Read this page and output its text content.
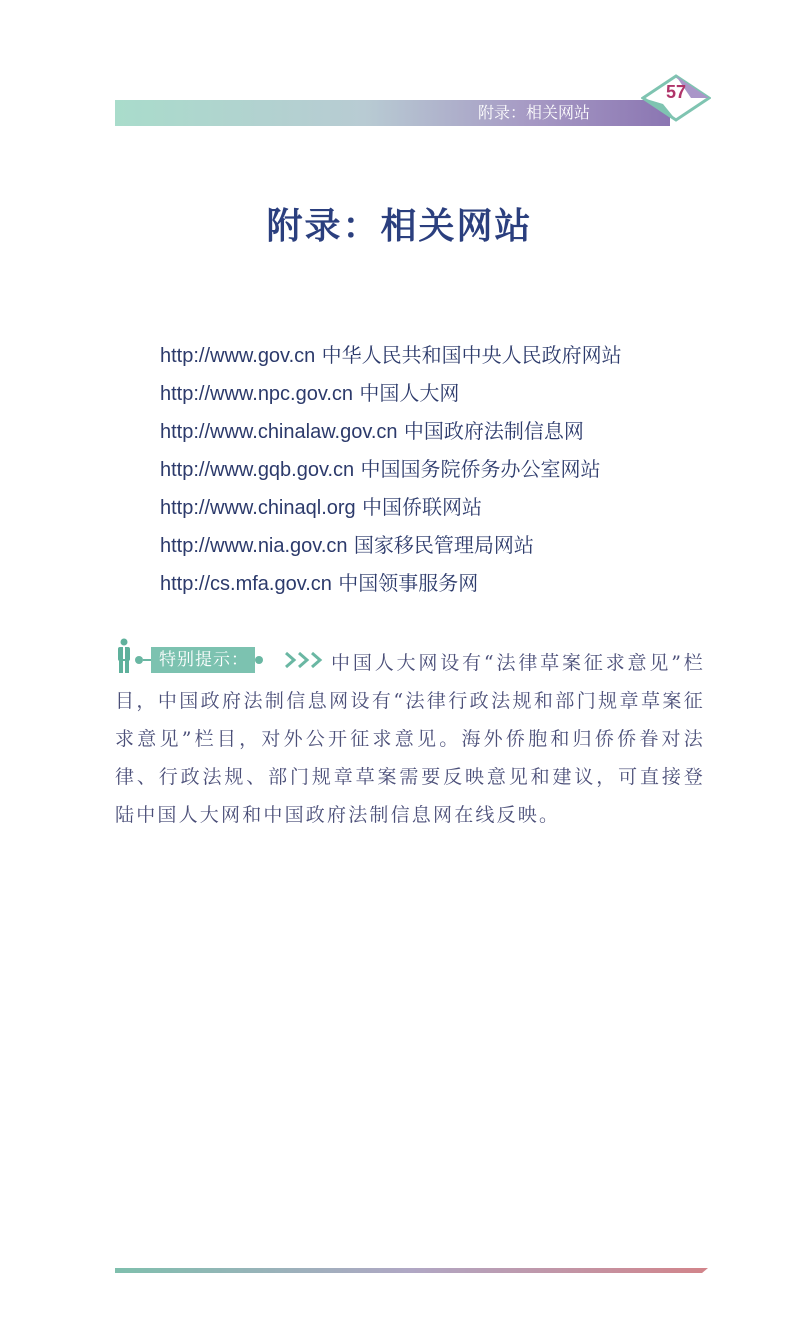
附录：相关网站
57
附录：相关网站
http://www.gov.cn 中华人民共和国中央人民政府网站
http://www.npc.gov.cn 中国人大网
http://www.chinalaw.gov.cn 中国政府法制信息网
http://www.gqb.gov.cn 中国国务院侨务办公室网站
http://www.chinaql.org 中国侨联网站
http://www.nia.gov.cn 国家移民管理局网站
http://cs.mfa.gov.cn 中国领事服务网
中国人大网设有“法律草案征求意见”栏目，中国政府法制信息网设有“法律行政法规和部门规章草案征求意见”栏目，对外公开征求意见。海外侨胞和归侨侨眷对法律、行政法规、部门规章草案需要反映意见和建议，可直接登陆中国人大网和中国政府法制信息网在线反映。
特别提示：
